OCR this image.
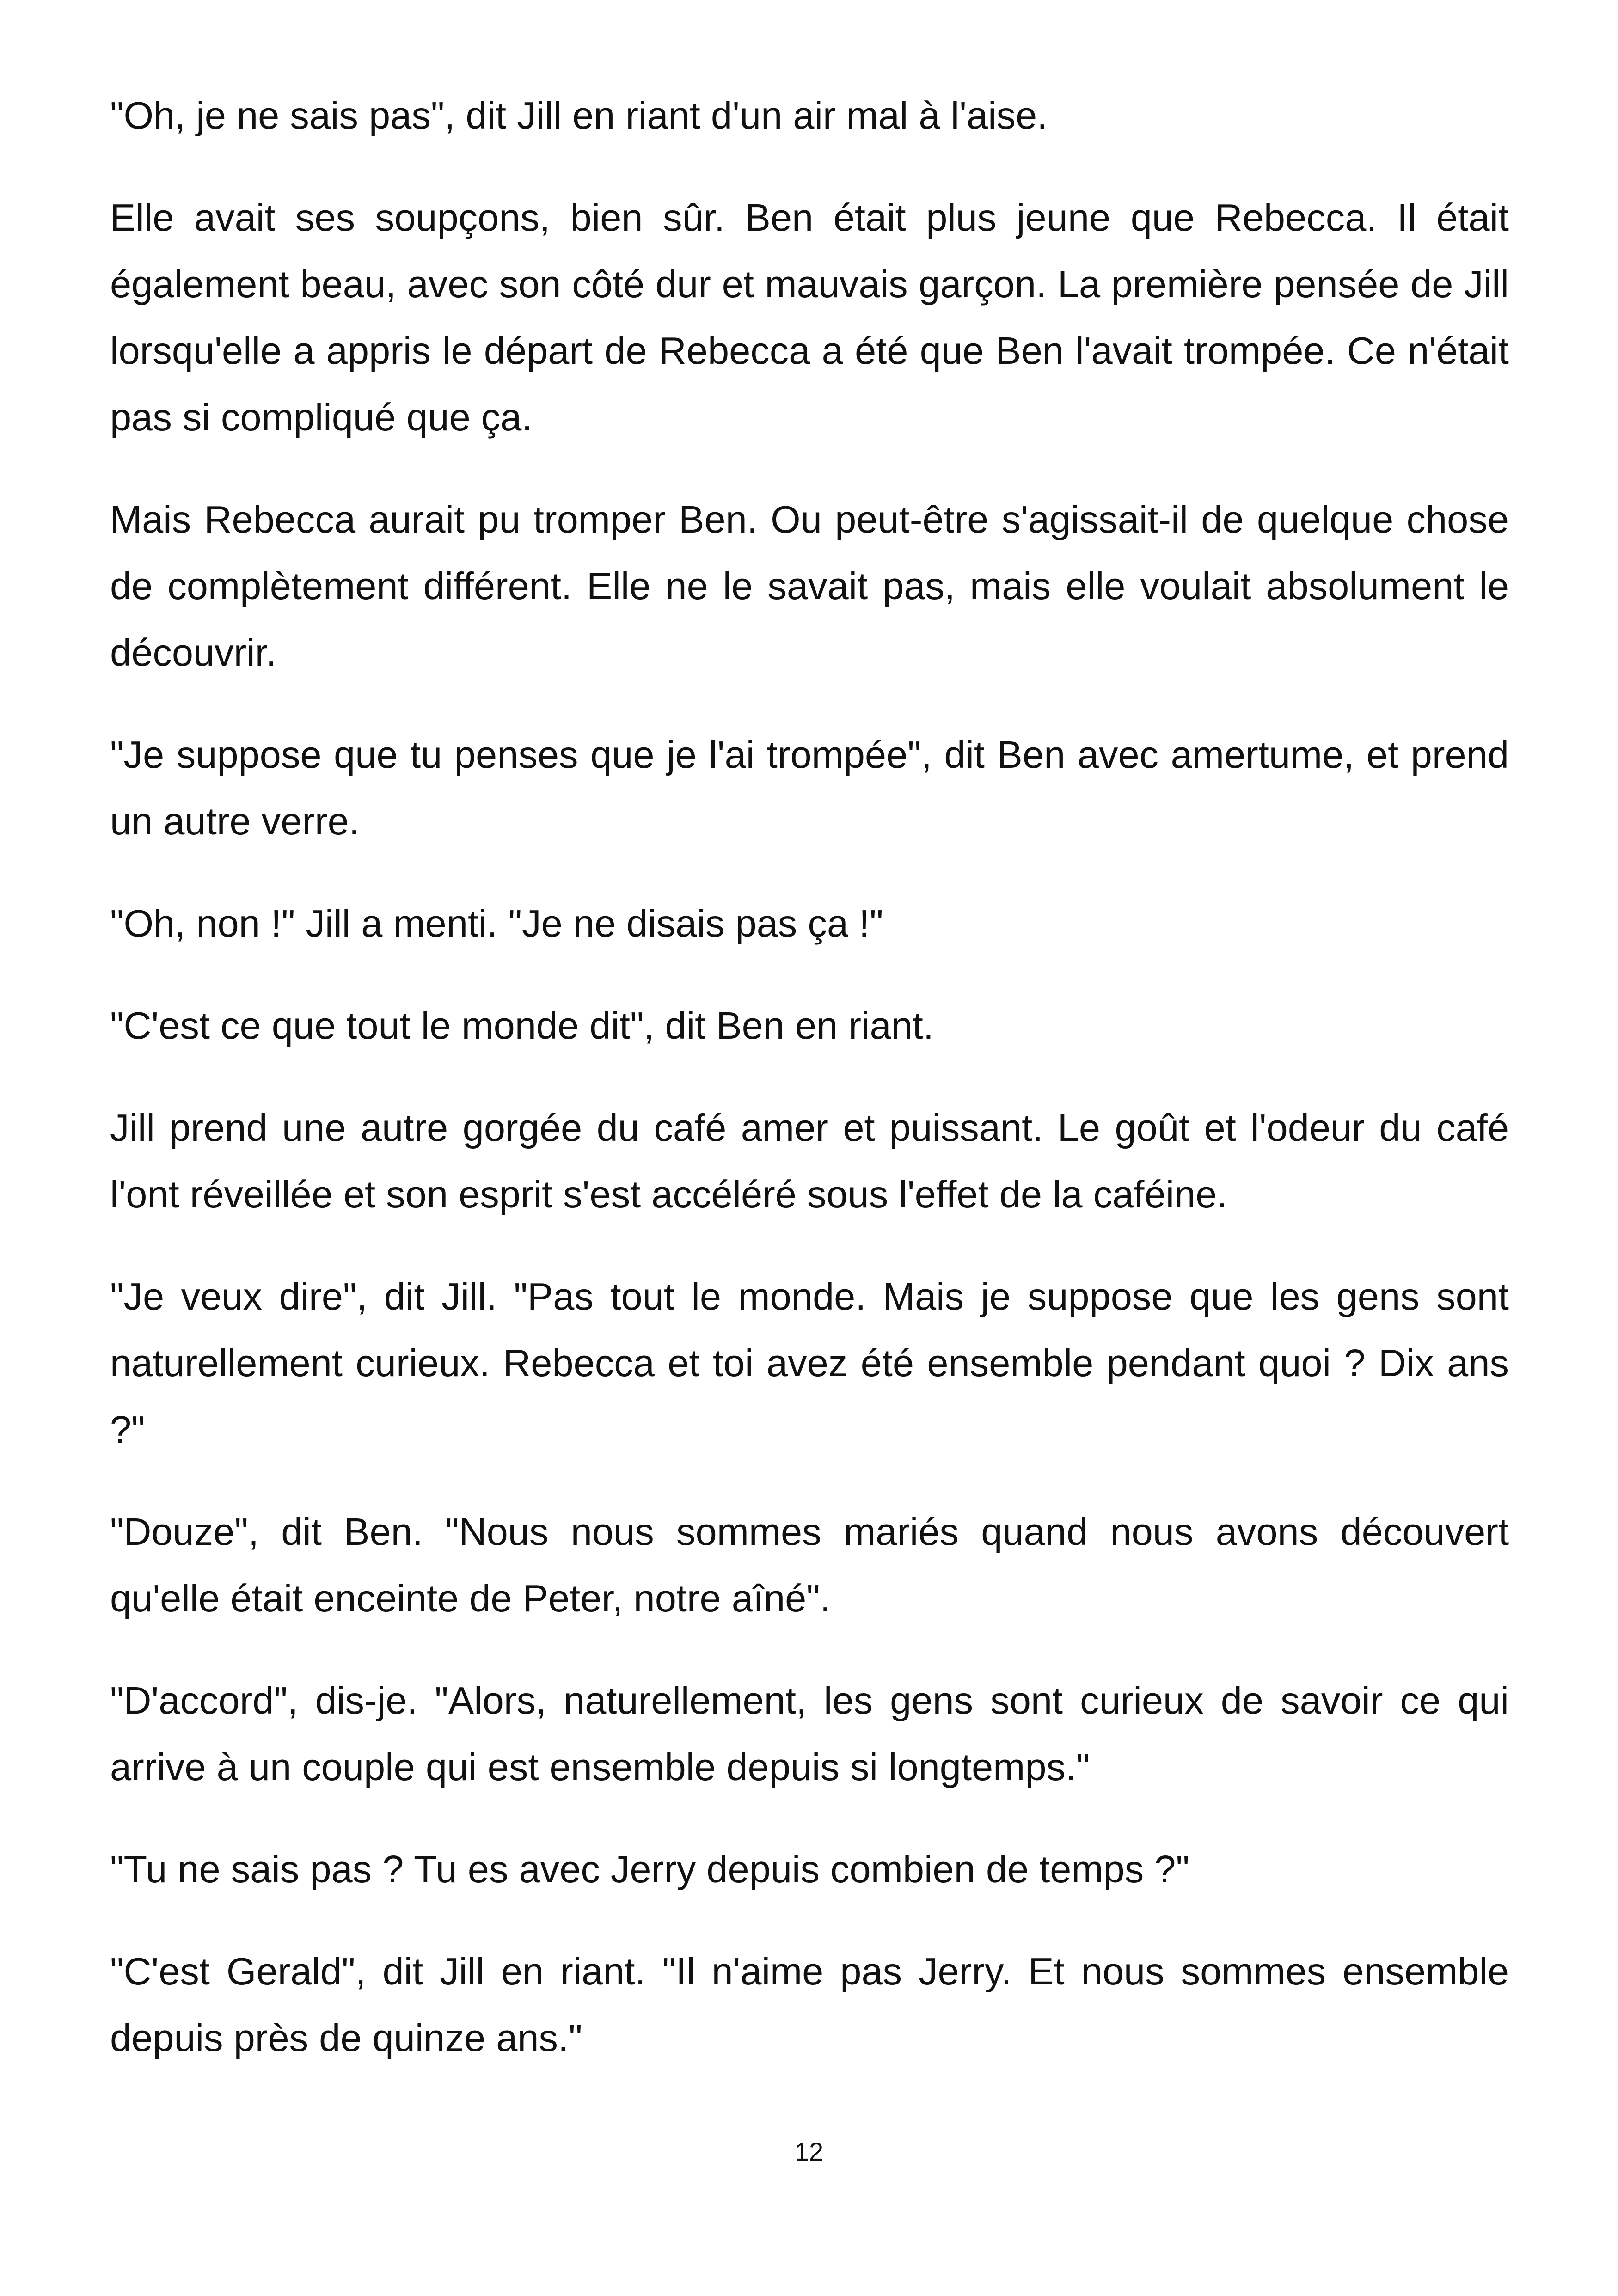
"Oh, je ne sais pas", dit Jill en riant d'un air mal à l'aise.

Elle avait ses soupçons, bien sûr. Ben était plus jeune que Rebecca. Il était également beau, avec son côté dur et mauvais garçon. La première pensée de Jill lorsqu'elle a appris le départ de Rebecca a été que Ben l'avait trompée. Ce n'était pas si compliqué que ça.

Mais Rebecca aurait pu tromper Ben. Ou peut-être s'agissait-il de quelque chose de complètement différent. Elle ne le savait pas, mais elle voulait absolument le découvrir.

"Je suppose que tu penses que je l'ai trompée", dit Ben avec amertume, et prend un autre verre.

"Oh, non !" Jill a menti. "Je ne disais pas ça !"

"C'est ce que tout le monde dit", dit Ben en riant.

Jill prend une autre gorgée du café amer et puissant. Le goût et l'odeur du café l'ont réveillée et son esprit s'est accéléré sous l'effet de la caféine.

"Je veux dire", dit Jill. "Pas tout le monde. Mais je suppose que les gens sont naturellement curieux. Rebecca et toi avez été ensemble pendant quoi ? Dix ans ?"

"Douze", dit Ben. "Nous nous sommes mariés quand nous avons découvert qu'elle était enceinte de Peter, notre aîné".

"D'accord", dis-je. "Alors, naturellement, les gens sont curieux de savoir ce qui arrive à un couple qui est ensemble depuis si longtemps."

"Tu ne sais pas ? Tu es avec Jerry depuis combien de temps ?"

"C'est Gerald", dit Jill en riant. "Il n'aime pas Jerry. Et nous sommes ensemble depuis près de quinze ans."

12
